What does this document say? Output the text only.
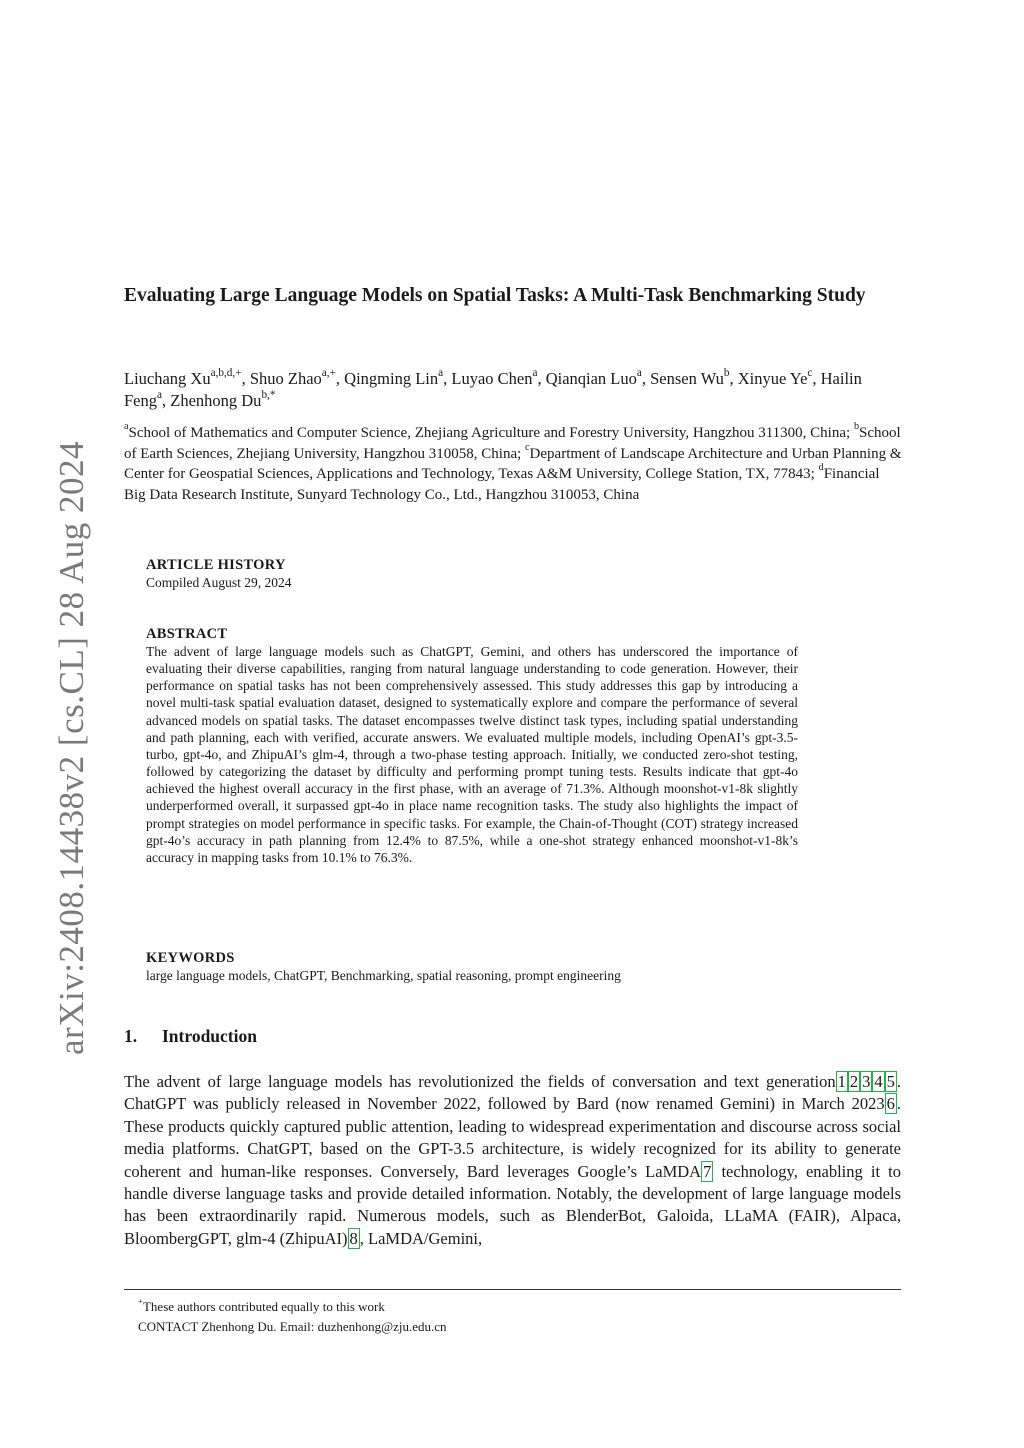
arXiv:2408.14438v2 [cs.CL] 28 Aug 2024
Evaluating Large Language Models on Spatial Tasks: A Multi-Task Benchmarking Study
Liuchang $Xu^{a,b,d,+}$, Shuo Zhao$^{a,+}$, Qingming Lin$^a$, Luyao Chen$^a$, Qianqian Luo$^a$, Sensen Wu$^b$, Xinyue Ye$^c$, Hailin Feng$^a$, Zhenhong $Du^{b,*}$
$^a$School of Mathematics and Computer Science, Zhejiang Agriculture and Forestry University, Hangzhou 311300, China; $^b$School of Earth Sciences, Zhejiang University, Hangzhou 310058, China; $^c$Department of Landscape Architecture and Urban Planning & Center for Geospatial Sciences, Applications and Technology, Texas A&M University, College Station, TX, 77843; $^d$Financial Big Data Research Institute, Sunyard Technology Co., Ltd., Hangzhou 310053, China
ARTICLE HISTORY
Compiled August 29, 2024
ABSTRACT
The advent of large language models such as ChatGPT, Gemini, and others has underscored the importance of evaluating their diverse capabilities, ranging from natural language understanding to code generation. However, their performance on spatial tasks has not been comprehensively assessed. This study addresses this gap by introducing a novel multi-task spatial evaluation dataset, designed to systematically explore and compare the performance of several advanced models on spatial tasks. The dataset encompasses twelve distinct task types, including spatial understanding and path planning, each with verified, accurate answers. We evaluated multiple models, including OpenAI’s gpt-3.5-turbo, gpt-4o, and ZhipuAI’s glm-4, through a two-phase testing approach. Initially, we conducted zero-shot testing, followed by categorizing the dataset by difficulty and performing prompt tuning tests. Results indicate that gpt-4o achieved the highest overall accuracy in the first phase, with an average of 71.3%. Although moonshot-v1-8k slightly underperformed overall, it surpassed gpt-4o in place name recognition tasks. The study also highlights the impact of prompt strategies on model performance in specific tasks. For example, the Chain-of-Thought (COT) strategy increased gpt-4o’s accuracy in path planning from 12.4% to 87.5%, while a one-shot strategy enhanced moonshot-v1-8k’s accuracy in mapping tasks from 10.1% to 76.3%.
KEYWORDS
large language models, ChatGPT, Benchmarking, spatial reasoning, prompt engineering
1. Introduction
The advent of large language models has revolutionized the fields of conversation and text generation 1 2 3 4 5 . ChatGPT was publicly released in November 2022, followed by Bard (now renamed Gemini) in March 2023 6 . These products quickly captured public attention, leading to widespread experimentation and discourse across social media platforms. ChatGPT, based on the GPT-3.5 architecture, is widely recognized for its ability to generate coherent and human-like responses. Conversely, Bard leverages Google’s LaMDA 7 technology, enabling it to handle diverse language tasks and provide detailed information. Notably, the development of large language models has been extraordinarily rapid. Numerous models, such as BlenderBot, Galoida, LLaMA (FAIR), Alpaca, BloombergGPT, glm-4 (ZhipuAI) 8 , LaMDA/Gemini,
+These authors contributed equally to this work
CONTACT Zhenhong Du. Email: duzhenhong@zju.edu.cn
